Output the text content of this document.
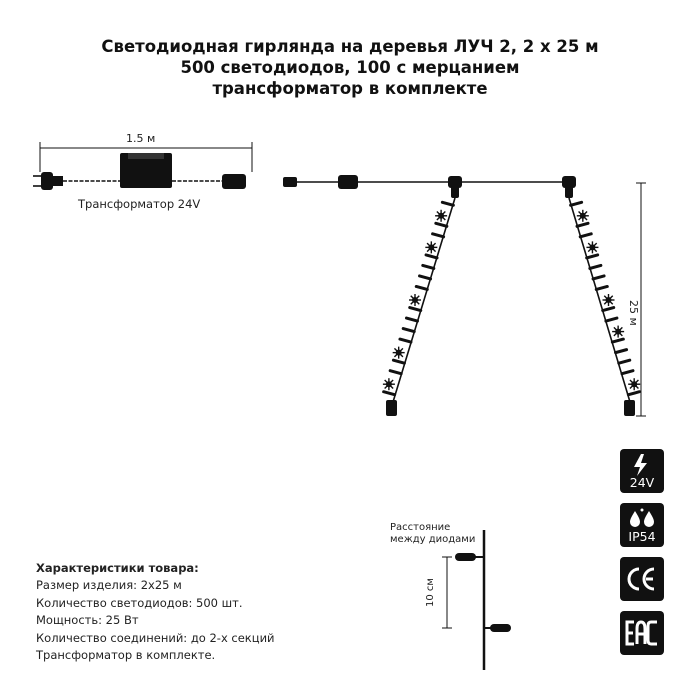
Светодиодная гирлянда на деревья ЛУЧ 2, 2 x 25 м
500 светодиодов, 100 с мерцанием
трансформатор в комплекте
1.5 м
Трансформатор 24V
25 м
Расстояние
между диодами
10 см
Характеристики товара:
Размер изделия: 2x25 м
Количество светодиодов: 500 шт.
Мощность: 25 Вт
Количество соединений: до 2-х секций
Трансформатор в комплекте.
24V
IP54
